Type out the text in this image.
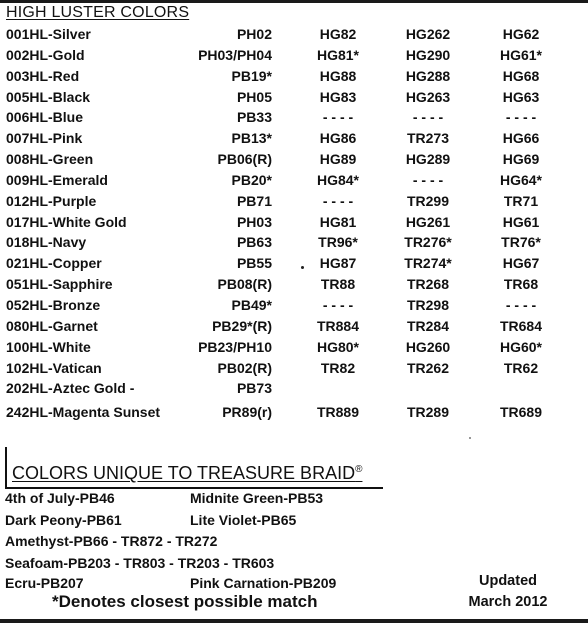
HIGH LUSTER COLORS
001HL-Silver	PH02	HG82	HG262	HG62
002HL-Gold	PH03/PH04	HG81*	HG290	HG61*
003HL-Red	PB19*	HG88	HG288	HG68
005HL-Black	PH05	HG83	HG263	HG63
006HL-Blue	PB33	- - - -	- - - -	- - - -
007HL-Pink	PB13*	HG86	TR273	HG66
008HL-Green	PB06(R)	HG89	HG289	HG69
009HL-Emerald	PB20*	HG84*	- - - -	HG64*
012HL-Purple	PB71	- - - -	TR299	TR71
017HL-White Gold	PH03	HG81	HG261	HG61
018HL-Navy	PB63	TR96*	TR276*	TR76*
021HL-Copper	PB55	HG87	TR274*	HG67
051HL-Sapphire	PB08(R)	TR88	TR268	TR68
052HL-Bronze	PB49*	- - - -	TR298	- - - -
080HL-Garnet	PB29*(R)	TR884	TR284	TR684
100HL-White	PB23/PH10	HG80*	HG260	HG60*
102HL-Vatican	PB02(R)	TR82	TR262	TR62
202HL-Aztec Gold -	PB73
242HL-Magenta Sunset	PR89(r)	TR889	TR289	TR689
COLORS UNIQUE TO TREASURE BRAID®
4th of July-PB46	Midnite Green-PB53
Dark Peony-PB61	Lite Violet-PB65
Amethyst-PB66 - TR872 - TR272
Seafoam-PB203 - TR803 - TR203 - TR603
Ecru-PB207	Pink Carnation-PB209
*Denotes closest possible match
Updated
March 2012
